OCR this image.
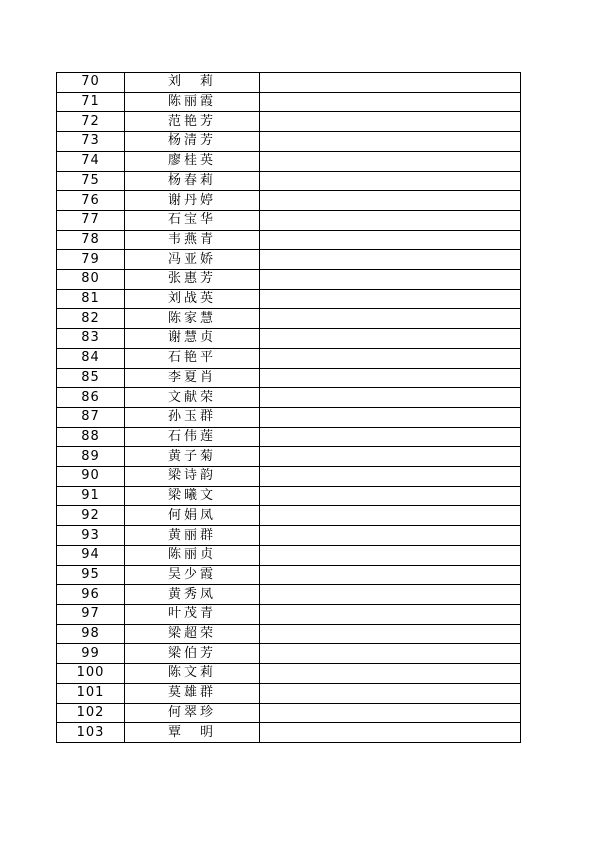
70	刘　莉	
71	陈丽霞	
72	范艳芳	
73	杨清芳	
74	廖桂英	
75	杨春莉	
76	谢丹婷	
77	石宝华	
78	韦燕青	
79	冯亚娇	
80	张惠芳	
81	刘战英	
82	陈家慧	
83	谢慧贞	
84	石艳平	
85	李夏肖	
86	文献荣	
87	孙玉群	
88	石伟莲	
89	黄子菊	
90	梁诗韵	
91	梁曦文	
92	何娟凤	
93	黄丽群	
94	陈丽贞	
95	吴少霞	
96	黄秀凤	
97	叶茂青	
98	梁超荣	
99	梁伯芳	
100	陈文莉	
101	莫雄群	
102	何翠珍	
103	覃　明	
